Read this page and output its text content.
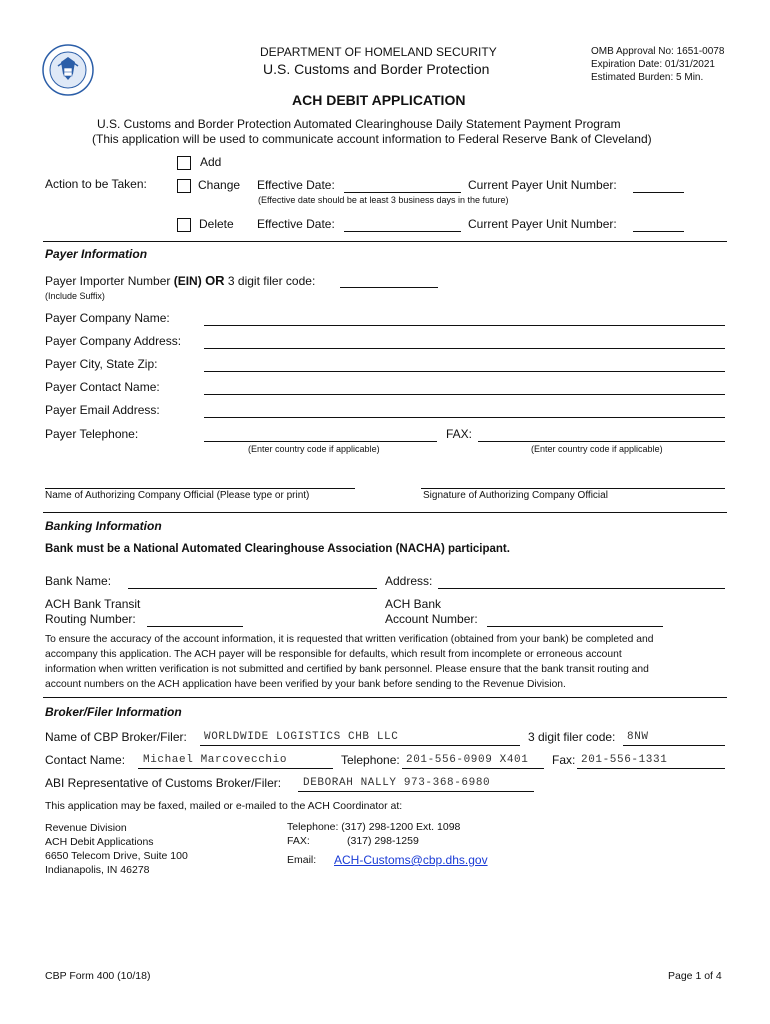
DEPARTMENT OF HOMELAND SECURITY
U.S. Customs and Border Protection
OMB Approval No: 1651-0078
Expiration Date: 01/31/2021
Estimated Burden: 5 Min.
ACH DEBIT APPLICATION
U.S. Customs and Border Protection Automated Clearinghouse Daily Statement Payment Program
(This application will be used to communicate account information to Federal Reserve Bank of Cleveland)
Add
Action to be Taken:	Change Effective Date:	Current Payer Unit Number:
(Effective date should be at least 3 business days in the future)
Delete Effective Date:	Current Payer Unit Number:
Payer Information
Payer Importer Number (EIN) OR 3 digit filer code:
(Include Suffix)
Payer Company Name:
Payer Company Address:
Payer City, State Zip:
Payer Contact Name:
Payer Email Address:
Payer Telephone:	FAX:
(Enter country code if applicable)	(Enter country code if applicable)
Name of Authorizing Company Official (Please type or print)	Signature of Authorizing Company Official
Banking Information
Bank must be a National Automated Clearinghouse Association (NACHA) participant.
Bank Name:	Address:
ACH Bank Transit
Routing Number:
ACH Bank
Account Number:
To ensure the accuracy of the account information, it is requested that written verification (obtained from your bank) be completed and
accompany this application. The ACH payer will be responsible for defaults, which result from incomplete or erroneous account
information when written verification is not submitted and certified by bank personnel. Please ensure that the bank transit routing and
account numbers on the ACH application have been verified by your bank before sending to the Revenue Division.
Broker/Filer Information
Name of CBP Broker/Filer: WORLDWIDE LOGISTICS CHB LLC	3 digit filer code: 8NW
Contact Name: Michael Marcovecchio	Telephone: 201-556-0909 X401 Fax: 201-556-1331
ABI Representative of Customs Broker/Filer: DEBORAH NALLY 973-368-6980
This application may be faxed, mailed or e-mailed to the ACH Coordinator at:
Revenue Division
ACH Debit Applications
6650 Telecom Drive, Suite 100
Indianapolis, IN 46278
Telephone: (317) 298-1200 Ext. 1098
FAX:	(317) 298-1259
Email: ACH-Customs@cbp.dhs.gov
CBP Form 400 (10/18)	Page 1 of 4
